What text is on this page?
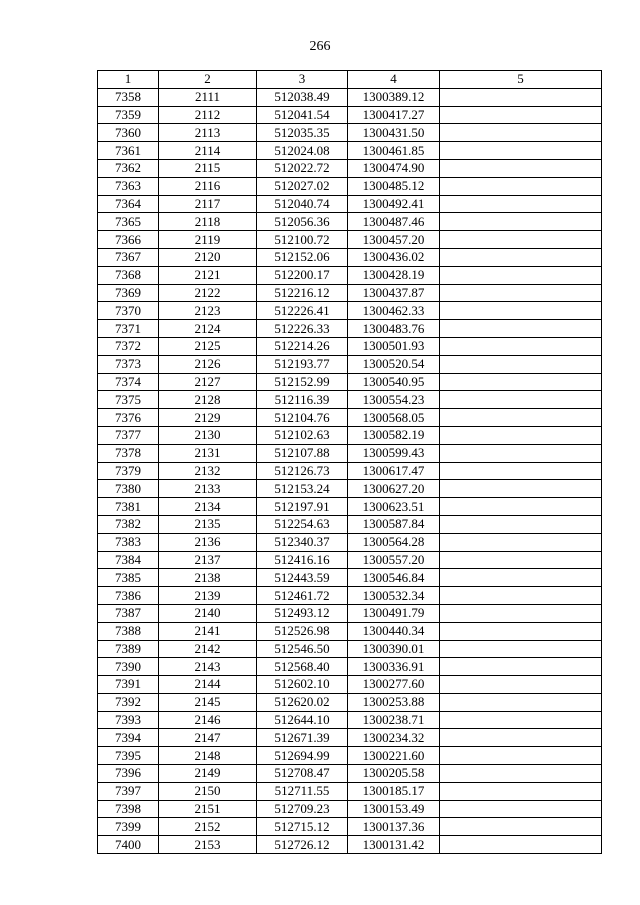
266
1	2	3	4	5
7358	2111	512038.49	1300389.12	
7359	2112	512041.54	1300417.27	
7360	2113	512035.35	1300431.50	
7361	2114	512024.08	1300461.85	
7362	2115	512022.72	1300474.90	
7363	2116	512027.02	1300485.12	
7364	2117	512040.74	1300492.41	
7365	2118	512056.36	1300487.46	
7366	2119	512100.72	1300457.20	
7367	2120	512152.06	1300436.02	
7368	2121	512200.17	1300428.19	
7369	2122	512216.12	1300437.87	
7370	2123	512226.41	1300462.33	
7371	2124	512226.33	1300483.76	
7372	2125	512214.26	1300501.93	
7373	2126	512193.77	1300520.54	
7374	2127	512152.99	1300540.95	
7375	2128	512116.39	1300554.23	
7376	2129	512104.76	1300568.05	
7377	2130	512102.63	1300582.19	
7378	2131	512107.88	1300599.43	
7379	2132	512126.73	1300617.47	
7380	2133	512153.24	1300627.20	
7381	2134	512197.91	1300623.51	
7382	2135	512254.63	1300587.84	
7383	2136	512340.37	1300564.28	
7384	2137	512416.16	1300557.20	
7385	2138	512443.59	1300546.84	
7386	2139	512461.72	1300532.34	
7387	2140	512493.12	1300491.79	
7388	2141	512526.98	1300440.34	
7389	2142	512546.50	1300390.01	
7390	2143	512568.40	1300336.91	
7391	2144	512602.10	1300277.60	
7392	2145	512620.02	1300253.88	
7393	2146	512644.10	1300238.71	
7394	2147	512671.39	1300234.32	
7395	2148	512694.99	1300221.60	
7396	2149	512708.47	1300205.58	
7397	2150	512711.55	1300185.17	
7398	2151	512709.23	1300153.49	
7399	2152	512715.12	1300137.36	
7400	2153	512726.12	1300131.42	
